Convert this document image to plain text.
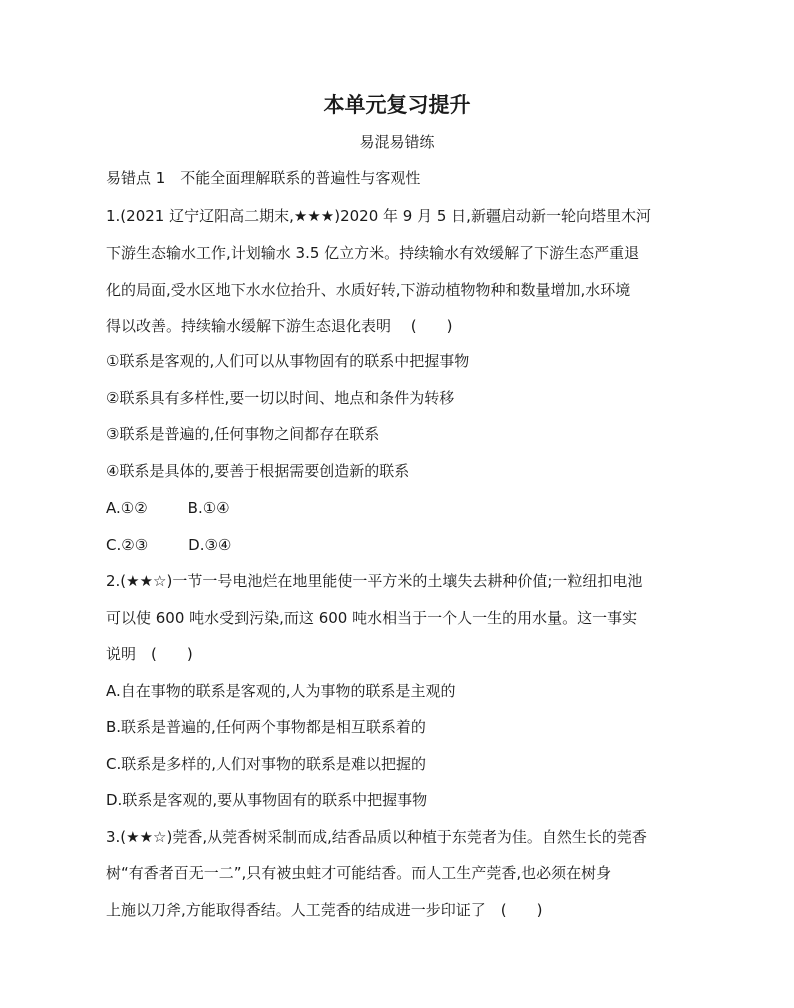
本单元复习提升
易混易错练
易错点 1　不能全面理解联系的普遍性与客观性
1.(2021 辽宁辽阳高二期末,★★★)2020 年 9 月 5 日,新疆启动新一轮向塔里木河
下游生态输水工作,计划输水 3.5 亿立方米。持续输水有效缓解了下游生态严重退
化的局面,受水区地下水水位抬升、水质好转,下游动植物物种和数量增加,水环境
得以改善。持续输水缓解下游生态退化表明　 (　　)
①联系是客观的,人们可以从事物固有的联系中把握事物
②联系具有多样性,要一切以时间、地点和条件为转移
③联系是普遍的,任何事物之间都存在联系
④联系是具体的,要善于根据需要创造新的联系
A.①②	B.①④
C.②③	D.③④
2.(★★☆)一节一号电池烂在地里能使一平方米的土壤失去耕种价值;一粒纽扣电池
可以使 600 吨水受到污染,而这 600 吨水相当于一个人一生的用水量。这一事实
说明　(　　)
A.自在事物的联系是客观的,人为事物的联系是主观的
B.联系是普遍的,任何两个事物都是相互联系着的
C.联系是多样的,人们对事物的联系是难以把握的
D.联系是客观的,要从事物固有的联系中把握事物
3.(★★☆)莞香,从莞香树采制而成,结香品质以种植于东莞者为佳。自然生长的莞香
树“有香者百无一二”,只有被虫蛀才可能结香。而人工生产莞香,也必须在树身
上施以刀斧,方能取得香结。人工莞香的结成进一步印证了　(　　)
